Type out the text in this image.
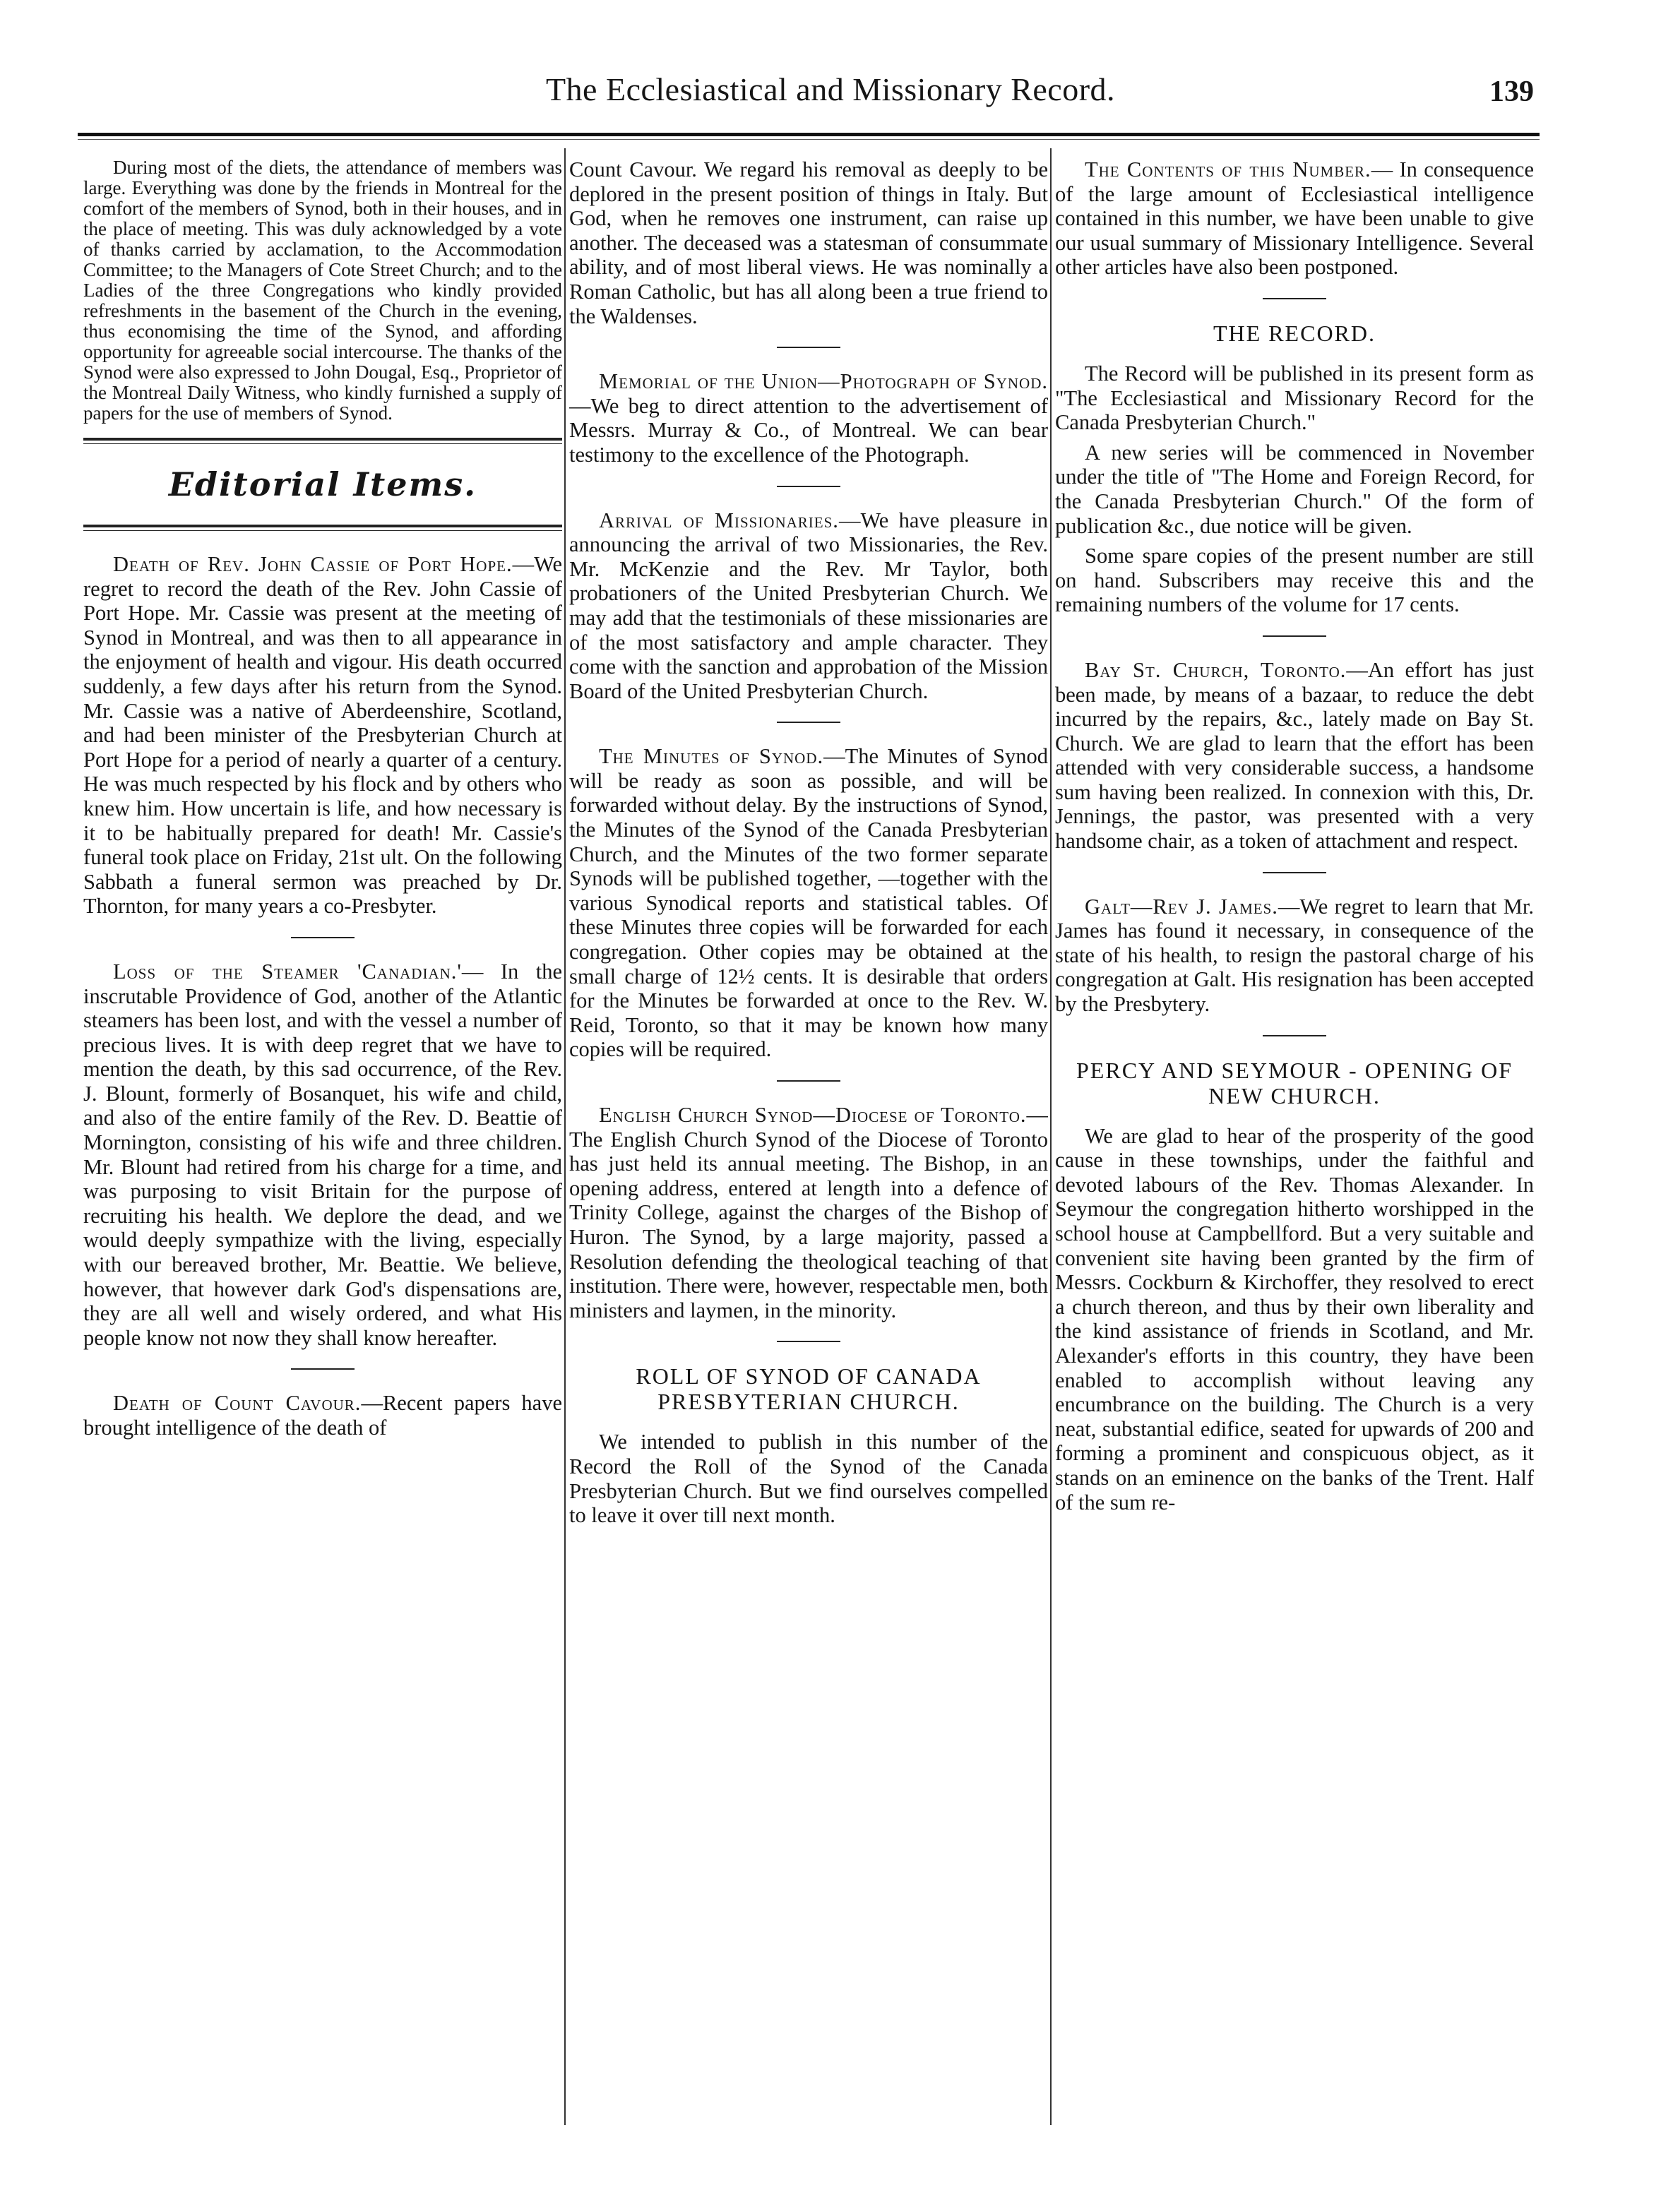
The Ecclesiastical and Missionary Record.	139

During most of the diets, the attendance of members was large. Everything was done by the friends in Montreal for the comfort of the members of Synod, both in their houses, and in the place of meeting. This was duly acknowledged by a vote of thanks carried by acclamation, to the Accommodation Committee; to the Managers of Cote Street Church; and to the Ladies of the three Congregations who kindly provided refreshments in the basement of the Church in the evening, thus economising the time of the Synod, and affording opportunity for agreeable social intercourse. The thanks of the Synod were also expressed to John Dougal, Esq., Proprietor of the Montreal Daily Witness, who kindly furnished a supply of papers for the use of members of Synod.

Editorial Items.

Death of Rev. John Cassie of Port Hope.—We regret to record the death of the Rev. John Cassie of Port Hope. Mr. Cassie was present at the meeting of Synod in Montreal, and was then to all appearance in the enjoyment of health and vigour. His death occurred suddenly, a few days after his return from the Synod. Mr. Cassie was a native of Aberdeenshire, Scotland, and had been minister of the Presbyterian Church at Port Hope for a period of nearly a quarter of a century. He was much respected by his flock and by others who knew him. How uncertain is life, and how necessary is it to be habitually prepared for death! Mr. Cassie's funeral took place on Friday, 21st ult. On the following Sabbath a funeral sermon was preached by Dr. Thornton, for many years a co-Presbyter.

Loss of the Steamer 'Canadian.'— In the inscrutable Providence of God, another of the Atlantic steamers has been lost, and with the vessel a number of precious lives. It is with deep regret that we have to mention the death, by this sad occurrence, of the Rev. J. Blount, formerly of Bosanquet, his wife and child, and also of the entire family of the Rev. D. Beattie of Mornington, consisting of his wife and three children. Mr. Blount had retired from his charge for a time, and was purposing to visit Britain for the purpose of recruiting his health. We deplore the dead, and we would deeply sympathize with the living, especially with our bereaved brother, Mr. Beattie. We believe, however, that however dark God's dispensations are, they are all well and wisely ordered, and what His people know not now they shall know hereafter.

Death of Count Cavour.—Recent papers have brought intelligence of the death of

Count Cavour. We regard his removal as deeply to be deplored in the present position of things in Italy. But God, when he removes one instrument, can raise up another. The deceased was a statesman of consummate ability, and of most liberal views. He was nominally a Roman Catholic, but has all along been a true friend to the Waldenses.

Memorial of the Union—Photograph of Synod.—We beg to direct attention to the advertisement of Messrs. Murray & Co., of Montreal. We can bear testimony to the excellence of the Photograph.

Arrival of Missionaries.—We have pleasure in announcing the arrival of two Missionaries, the Rev. Mr. McKenzie and the Rev. Mr Taylor, both probationers of the United Presbyterian Church. We may add that the testimonials of these missionaries are of the most satisfactory and ample character. They come with the sanction and approbation of the Mission Board of the United Presbyterian Church.

The Minutes of Synod.—The Minutes of Synod will be ready as soon as possible, and will be forwarded without delay. By the instructions of Synod, the Minutes of the Synod of the Canada Presbyterian Church, and the Minutes of the two former separate Synods will be published together, —together with the various Synodical reports and statistical tables. Of these Minutes three copies will be forwarded for each congregation. Other copies may be obtained at the small charge of 12½ cents. It is desirable that orders for the Minutes be forwarded at once to the Rev. W. Reid, Toronto, so that it may be known how many copies will be required.

English Church Synod—Diocese of Toronto.—The English Church Synod of the Diocese of Toronto has just held its annual meeting. The Bishop, in an opening address, entered at length into a defence of Trinity College, against the charges of the Bishop of Huron. The Synod, by a large majority, passed a Resolution defending the theological teaching of that institution. There were, however, respectable men, both ministers and laymen, in the minority.

ROLL OF SYNOD OF CANADA PRESBYTERIAN CHURCH.

We intended to publish in this number of the Record the Roll of the Synod of the Canada Presbyterian Church. But we find ourselves compelled to leave it over till next month.

The Contents of this Number.— In consequence of the large amount of Ecclesiastical intelligence contained in this number, we have been unable to give our usual summary of Missionary Intelligence. Several other articles have also been postponed.

THE RECORD.

The Record will be published in its present form as "The Ecclesiastical and Missionary Record for the Canada Presbyterian Church."

A new series will be commenced in November under the title of "The Home and Foreign Record, for the Canada Presbyterian Church." Of the form of publication &c., due notice will be given.

Some spare copies of the present number are still on hand. Subscribers may receive this and the remaining numbers of the volume for 17 cents.

Bay St. Church, Toronto.—An effort has just been made, by means of a bazaar, to reduce the debt incurred by the repairs, &c., lately made on Bay St. Church. We are glad to learn that the effort has been attended with very considerable success, a handsome sum having been realized. In connexion with this, Dr. Jennings, the pastor, was presented with a very handsome chair, as a token of attachment and respect.

Galt—Rev J. James.—We regret to learn that Mr. James has found it necessary, in consequence of the state of his health, to resign the pastoral charge of his congregation at Galt. His resignation has been accepted by the Presbytery.

PERCY AND SEYMOUR - OPENING OF NEW CHURCH.

We are glad to hear of the prosperity of the good cause in these townships, under the faithful and devoted labours of the Rev. Thomas Alexander. In Seymour the congregation hitherto worshipped in the school house at Campbellford. But a very suitable and convenient site having been granted by the firm of Messrs. Cockburn & Kirchoffer, they resolved to erect a church thereon, and thus by their own liberality and the kind assistance of friends in Scotland, and Mr. Alexander's efforts in this country, they have been enabled to accomplish without leaving any encumbrance on the building. The Church is a very neat, substantial edifice, seated for upwards of 200 and forming a prominent and conspicuous object, as it stands on an eminence on the banks of the Trent. Half of the sum re-
